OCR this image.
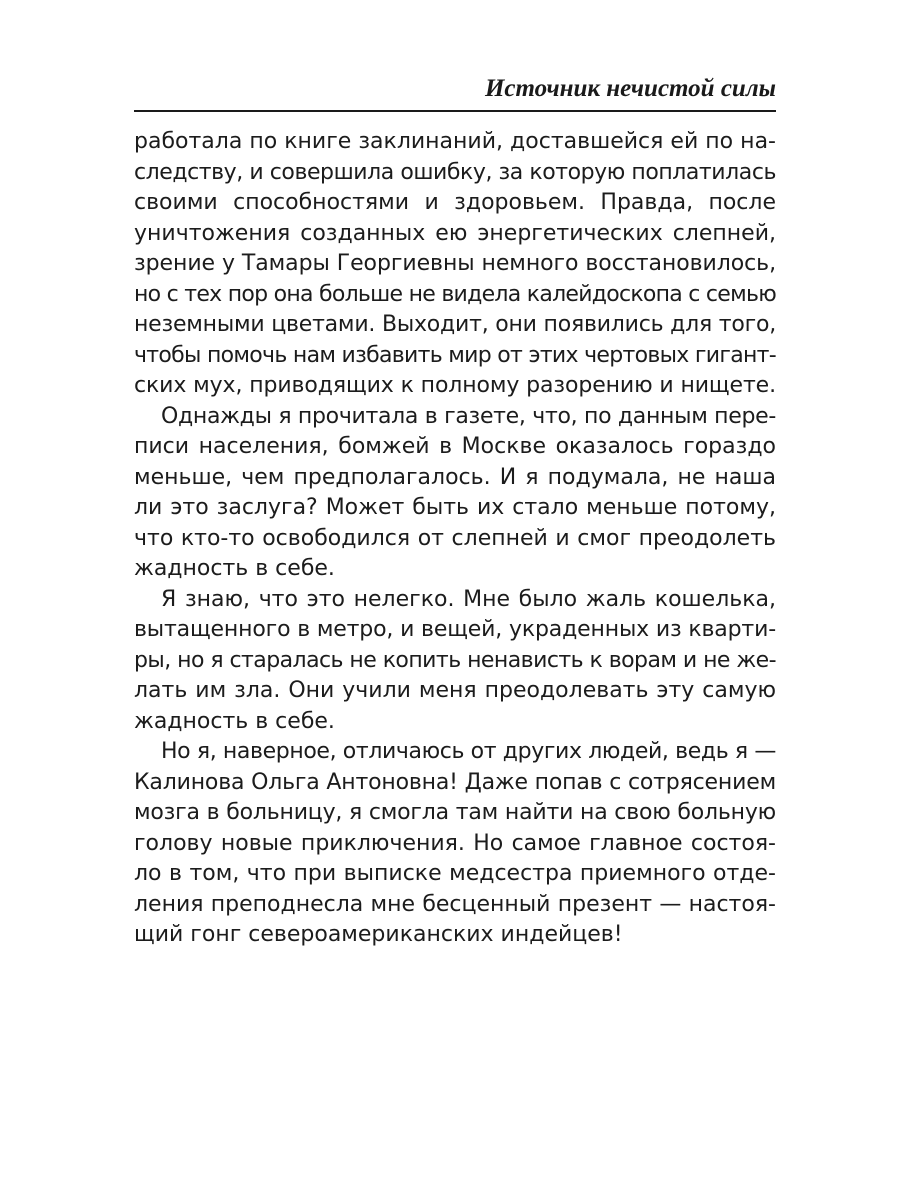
Источник нечистой силы

работала по книге заклинаний, доставшейся ей по на-
следству, и совершила ошибку, за которую поплатилась
своими способностями и здоровьем. Правда, после
уничтожения созданных ею энергетических слепней,
зрение у Тамары Георгиевны немного восстановилось,
но с тех пор она больше не видела калейдоскопа с семью
неземными цветами. Выходит, они появились для того,
чтобы помочь нам избавить мир от этих чертовых гигант-
ских мух, приводящих к полному разорению и нищете.

Однажды я прочитала в газете, что, по данным пере-
писи населения, бомжей в Москве оказалось гораздо
меньше, чем предполагалось. И я подумала, не наша
ли это заслуга? Может быть их стало меньше потому,
что кто-то освободился от слепней и смог преодолеть
жадность в себе.

Я знаю, что это нелегко. Мне было жаль кошелька,
вытащенного в метро, и вещей, украденных из кварти-
ры, но я старалась не копить ненависть к ворам и не же-
лать им зла. Они учили меня преодолевать эту самую
жадность в себе.

Но я, наверное, отличаюсь от других людей, ведь я —
Калинова Ольга Антоновна! Даже попав с сотрясением
мозга в больницу, я смогла там найти на свою больную
голову новые приключения. Но самое главное состоя-
ло в том, что при выписке медсестра приемного отде-
ления преподнесла мне бесценный презент — настоя-
щий гонг североамериканских индейцев!
